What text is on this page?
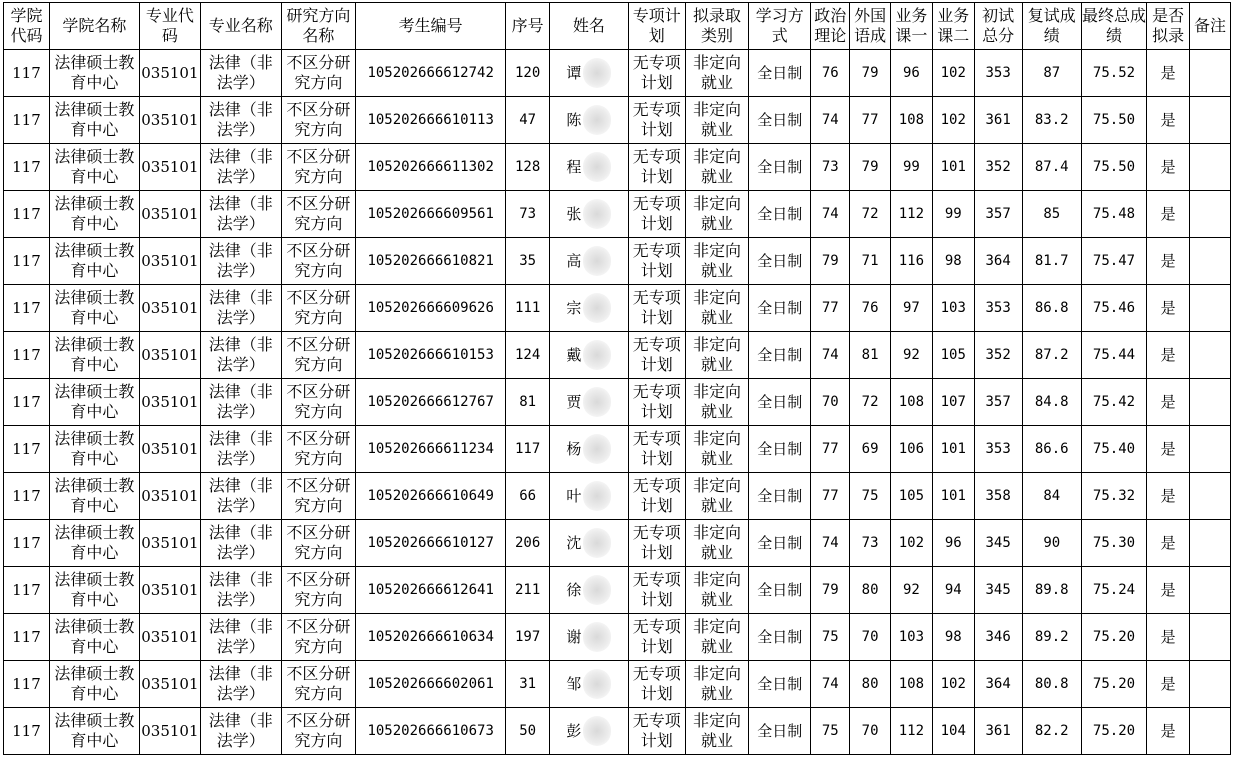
学院代码	学院名称	专业代码	专业名称	研究方向名称	考生编号	序号	姓名	专项计划	拟录取类别	学习方式	政治理论	外国语成	业务课一	业务课二	初试总分	复试成绩	最终总成绩	是否拟录	备注
117	法律硕士教育中心	035101	法律（非法学）	不区分研究方向	105202666612742	120	谭	无专项计划	非定向就业	全日制	76	79	96	102	353	87	75.52	是	
117	法律硕士教育中心	035101	法律（非法学）	不区分研究方向	105202666610113	47	陈	无专项计划	非定向就业	全日制	74	77	108	102	361	83.2	75.50	是	
117	法律硕士教育中心	035101	法律（非法学）	不区分研究方向	105202666611302	128	程	无专项计划	非定向就业	全日制	73	79	99	101	352	87.4	75.50	是	
117	法律硕士教育中心	035101	法律（非法学）	不区分研究方向	105202666609561	73	张	无专项计划	非定向就业	全日制	74	72	112	99	357	85	75.48	是	
117	法律硕士教育中心	035101	法律（非法学）	不区分研究方向	105202666610821	35	高	无专项计划	非定向就业	全日制	79	71	116	98	364	81.7	75.47	是	
117	法律硕士教育中心	035101	法律（非法学）	不区分研究方向	105202666609626	111	宗	无专项计划	非定向就业	全日制	77	76	97	103	353	86.8	75.46	是	
117	法律硕士教育中心	035101	法律（非法学）	不区分研究方向	105202666610153	124	戴	无专项计划	非定向就业	全日制	74	81	92	105	352	87.2	75.44	是	
117	法律硕士教育中心	035101	法律（非法学）	不区分研究方向	105202666612767	81	贾	无专项计划	非定向就业	全日制	70	72	108	107	357	84.8	75.42	是	
117	法律硕士教育中心	035101	法律（非法学）	不区分研究方向	105202666611234	117	杨	无专项计划	非定向就业	全日制	77	69	106	101	353	86.6	75.40	是	
117	法律硕士教育中心	035101	法律（非法学）	不区分研究方向	105202666610649	66	叶	无专项计划	非定向就业	全日制	77	75	105	101	358	84	75.32	是	
117	法律硕士教育中心	035101	法律（非法学）	不区分研究方向	105202666610127	206	沈	无专项计划	非定向就业	全日制	74	73	102	96	345	90	75.30	是	
117	法律硕士教育中心	035101	法律（非法学）	不区分研究方向	105202666612641	211	徐	无专项计划	非定向就业	全日制	79	80	92	94	345	89.8	75.24	是	
117	法律硕士教育中心	035101	法律（非法学）	不区分研究方向	105202666610634	197	谢	无专项计划	非定向就业	全日制	75	70	103	98	346	89.2	75.20	是	
117	法律硕士教育中心	035101	法律（非法学）	不区分研究方向	105202666602061	31	邹	无专项计划	非定向就业	全日制	74	80	108	102	364	80.8	75.20	是	
117	法律硕士教育中心	035101	法律（非法学）	不区分研究方向	105202666610673	50	彭	无专项计划	非定向就业	全日制	75	70	112	104	361	82.2	75.20	是	
